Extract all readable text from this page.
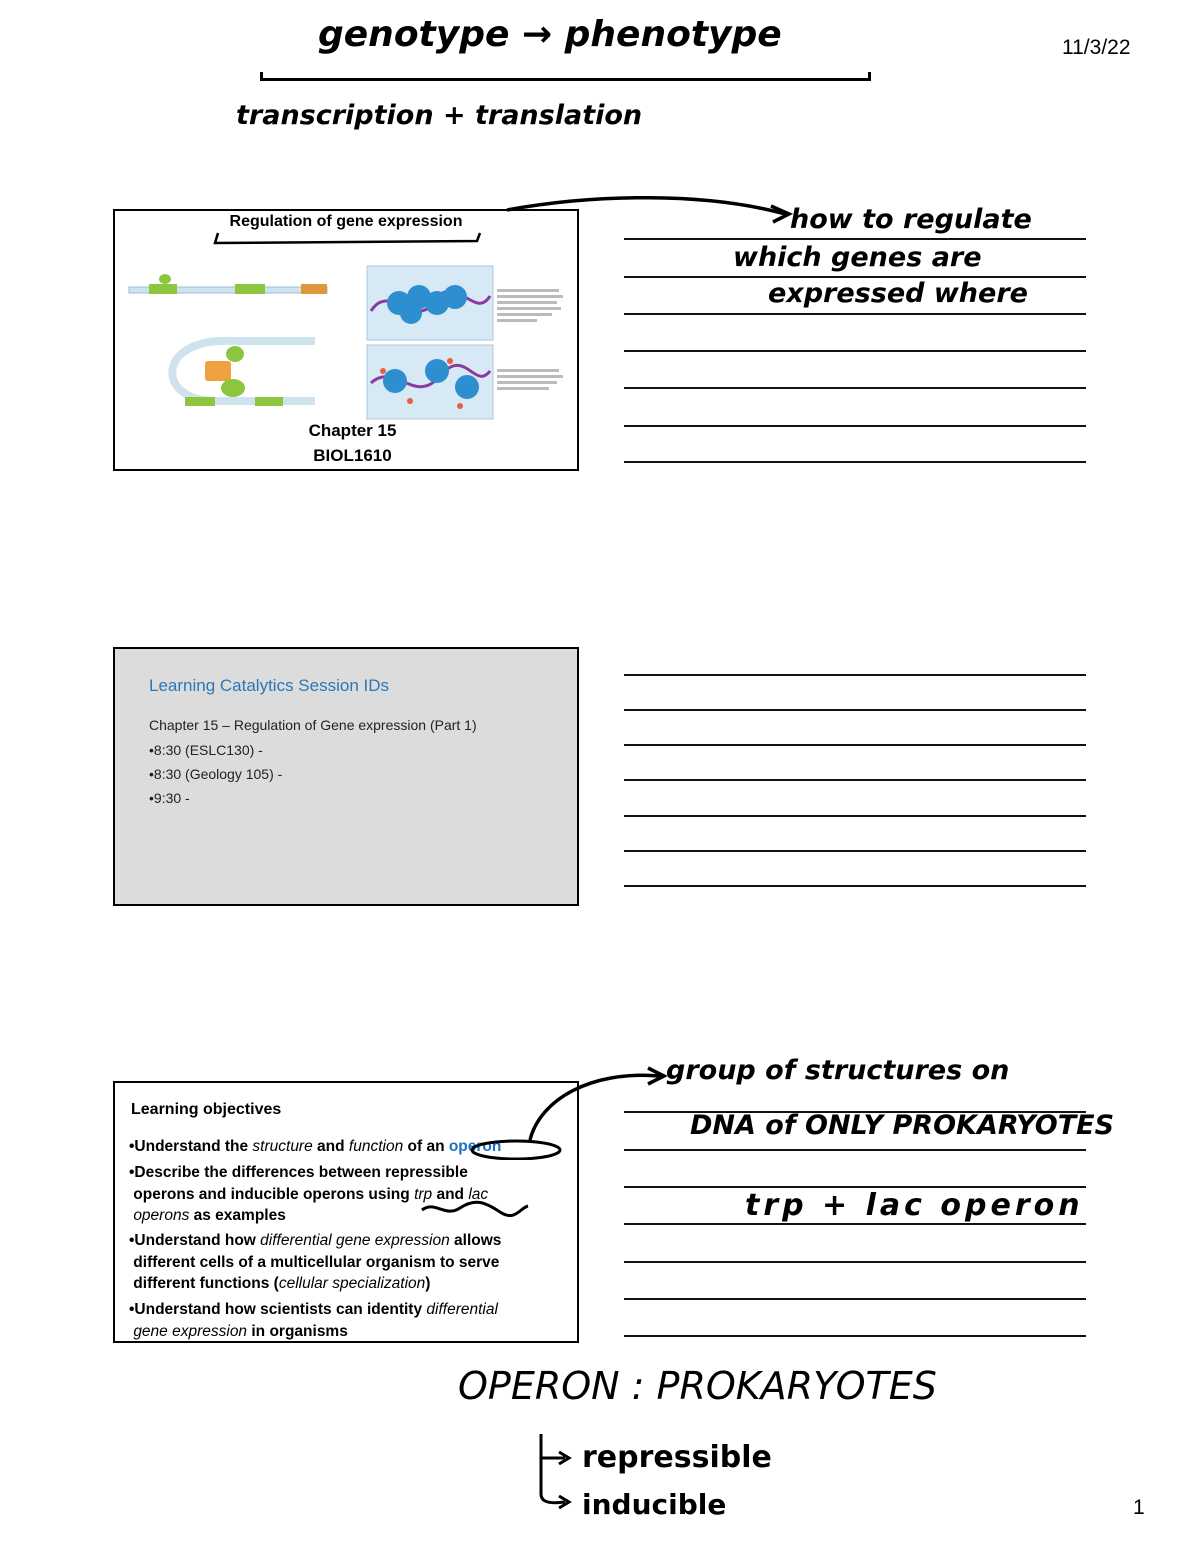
11/3/22
genotype → phenotype
transcription + translation
Regulation of gene expression
Chapter 15
BIOL1610
how to regulate
which genes are
expressed where
Learning Catalytics Session IDs
Chapter 15 – Regulation of Gene expression (Part 1)
•8:30 (ESLC130) -
•8:30 (Geology 105) -
•9:30 -
Learning objectives
•Understand the structure and function of an operon
•Describe the differences between repressible
operons and inducible operons using trp and lac
operons as examples
•Understand how differential gene expression allows
different cells of a multicellular organism to serve
different functions (cellular specialization)
•Understand how scientists can identity differential
gene expression in organisms
group of structures on
DNA of ONLY PROKARYOTES
trp + lac operon
OPERON : PROKARYOTES
repressible
inducible	1
